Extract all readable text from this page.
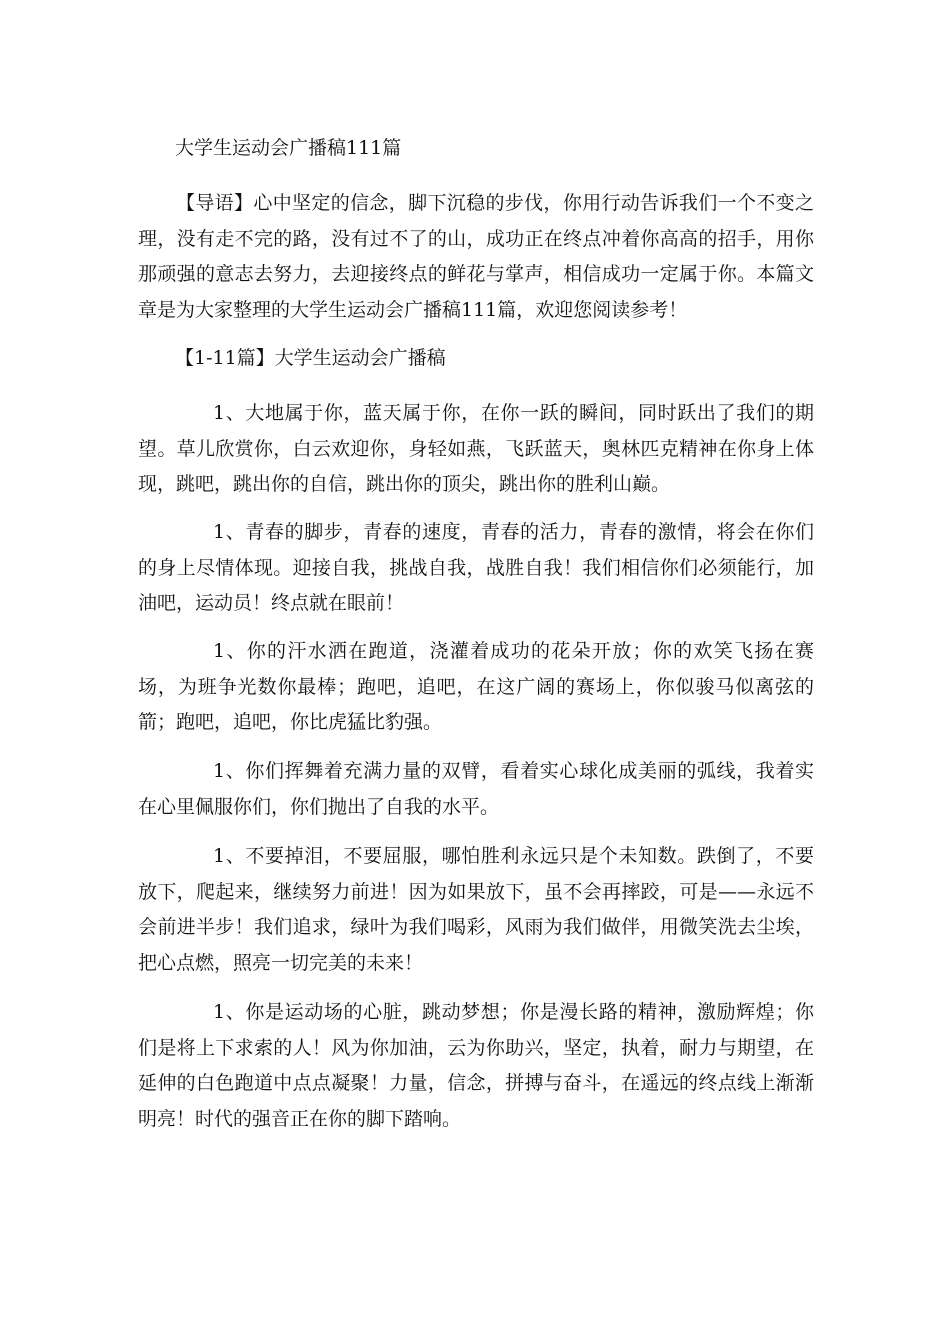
大学生运动会广播稿111篇

【导语】心中坚定的信念，脚下沉稳的步伐，你用行动告诉我们一个不变之理，没有走不完的路，没有过不了的山，成功正在终点冲着你高高的招手，用你那顽强的意志去努力，去迎接终点的鲜花与掌声，相信成功一定属于你。本篇文章是为大家整理的大学生运动会广播稿111篇，欢迎您阅读参考！

【1-11篇】大学生运动会广播稿

1、大地属于你，蓝天属于你，在你一跃的瞬间，同时跃出了我们的期望。草儿欣赏你，白云欢迎你，身轻如燕，飞跃蓝天，奥林匹克精神在你身上体现，跳吧，跳出你的自信，跳出你的顶尖，跳出你的胜利山巅。

1、青春的脚步，青春的速度，青春的活力，青春的激情，将会在你们的身上尽情体现。迎接自我，挑战自我，战胜自我！我们相信你们必须能行，加油吧，运动员！终点就在眼前！

1、你的汗水洒在跑道，浇灌着成功的花朵开放；你的欢笑飞扬在赛场，为班争光数你最棒；跑吧，追吧，在这广阔的赛场上，你似骏马似离弦的箭；跑吧，追吧，你比虎猛比豹强。

1、你们挥舞着充满力量的双臂，看着实心球化成美丽的弧线，我着实在心里佩服你们，你们抛出了自我的水平。

1、不要掉泪，不要屈服，哪怕胜利永远只是个未知数。跌倒了，不要放下，爬起来，继续努力前进！因为如果放下，虽不会再摔跤，可是——永远不会前进半步！我们追求，绿叶为我们喝彩，风雨为我们做伴，用微笑洗去尘埃，把心点燃，照亮一切完美的未来！

1、你是运动场的心脏，跳动梦想；你是漫长路的精神，激励辉煌；你们是将上下求索的人！风为你加油，云为你助兴，坚定，执着，耐力与期望，在延伸的白色跑道中点点凝聚！力量，信念，拼搏与奋斗，在遥远的终点线上渐渐明亮！时代的强音正在你的脚下踏响。
